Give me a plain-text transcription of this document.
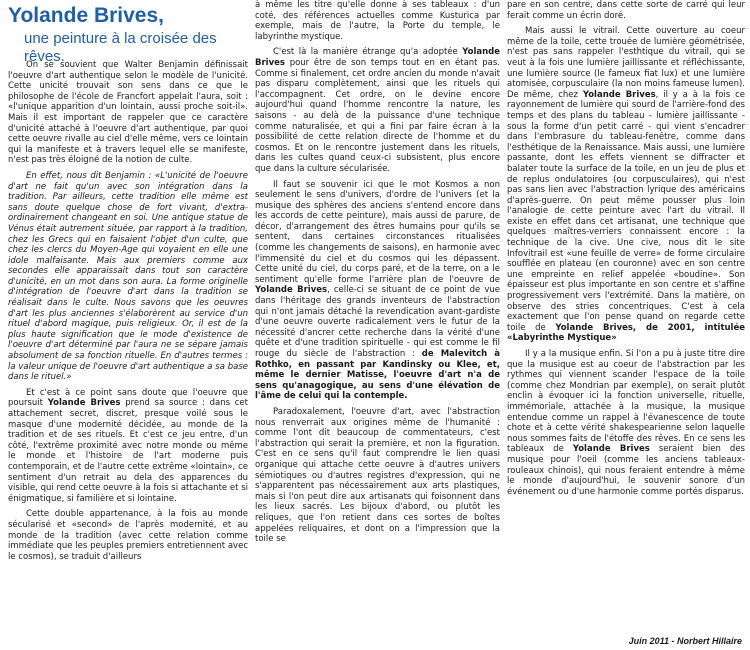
Yolande Brives,
une peinture à la croisée des rêves.

On se souvient que Walter Benjamin définissait l'oeuvre d'art authentique selon le modèle de l'unicité. Cette unicité trouvait son sens dans ce que le philosophe de l'école de Francfort appelait l'aura, soit : «l'unique apparition d'un lointain, aussi proche soit-il». Mais il est important de rappeler que ce caractère d'unicité attaché à l'oeuvre d'art authentique, par quoi cette oeuvre rivalle au ciel d'elle même, vers ce lointain qui la manifeste et à travers lequel elle se manifeste, n'est pas très éloigné de la notion de culte.

En effet, nous dit Benjamin : «L'unicité de l'oeuvre d'art ne fait qu'un avec son intégration dans la tradition. Par ailleurs, cette tradition elle même est sans doute quelque chose de fort vivant, d'extra-ordinairement changeant en soi. Une antique statue de Vénus était autrement située, par rapport à la tradition, chez les Grecs qui en faisaient l'objet d'un culte, que chez les clercs du Moyen-Age qui voyaient en elle une idole malfaisante. Mais aux premiers comme aux secondes elle apparaissait dans tout son caractère d'unicité, en un mot dans son aura. La forme originelle d'intégration de l'oeuvre d'art dans la tradition se réalisait dans le culte. Nous savons que les oeuvres d'art les plus anciennes s'élaborèrent au service d'un rituel d'abord magique, puis religieux. Or, il est de la plus haute signification que le mode d'existence de l'oeuvre d'art déterminé par l'aura ne se sépare jamais absolument de sa fonction rituelle. En d'autres termes : la valeur unique de l'oeuvre d'art authentique a sa base dans le rituel.»

Et c'est à ce point sans doute que l'oeuvre que poursuit Yolande Brives prend sa source : dans cet attachement secret, discret, presque voilé sous le masque d'une modernité décidée, au monde de la tradition et de ses rituels. Et c'est ce jeu entre, d'un côté, l'extrême proximité avec notre monde ou même le monde et l'histoire de l'art moderne puis contemporain, et de l'autre cette extrême «lointain», ce sentiment d'un retrait au dela des apparences du visible, qui rend cette oeuvre à la fois si attachante et si énigmatique, si familière et si lointaine.

Cette double appartenance, à la fois au monde sécularisé et «second» de l'après modernité, et au monde de la tradition (avec cette relation comme immédiate que les peuples premiers entretiennent avec le cosmos), se traduit d'ailleurs

à même les titre qu'elle donne à ses tableaux : d'un coté, des références actuelles comme Kusturica par exemple, mais de l'autre, la Porte du temple, le labyrinthe mystique.

C'est là la manière étrange qu'a adoptée Yolande Brives pour être de son temps tout en en étant pas. Comme si finalement, cet ordre ancien du monde n'avait pas disparu complètement, ainsi que les rituels qui l'accompagnent. Cet ordre, on le devine encore aujourd'hui quand l'homme rencontre la nature, les saisons - au delà de la puissance d'une technique comme naturalisée, et qui a fini par faire écran à la possibilité de cette relation directe de l'homme et du cosmos. Et on le rencontre justement dans les rituels, dans les cultes quand ceux-ci subsistent, plus encore que dans la culture sécularisée.

Il faut se souvenir ici que le mot Kosmos a non seulement le sens d'univers, d'ordre de l'univers (et la musique des sphères des anciens s'entend encore dans les accords de cette peinture), mais aussi de parure, de décor, d'arrangement des êtres humains pour qu'ils se sentent, dans certaines circonstances ritualisées (comme les changements de saisons), en harmonie avec l'immensité du ciel et du cosmos qui les dépassent. Cette unité du ciel, du corps paré, et de la terre, on a le sentiment qu'elle forme l'arrière plan de l'oeuvre de Yolande Brives, celle-ci se situant de ce point de vue dans l'héritage des grands inventeurs de l'abstraction qui n'ont jamais détaché la revendication avant-gardiste d'une oeuvre ouverte radicalement vers le futur de la nécessité d'ancrer cette recherche dans la vérité d'une quête et d'une tradition spirituelle - qui est comme le fil rouge du siècle de l'abstraction : de Malevitch à Rothko, en passant par Kandinsky ou Klee, et, même le dernier Matisse, l'oeuvre d'art n'a de sens qu'anagogique, au sens d'une élévation de l'âme de celui qui la contemple.

Paradoxalement, l'oeuvre d'art, avec l'abstraction nous renverrait aux origines même de l'humanité : comme l'ont dit beaucoup de commentateurs, c'est l'abstraction qui serait la première, et non la figuration. C'est en ce sens qu'il faut comprendre le lien quasi organique qui attache cette oeuvre à d'autres univers sémiotiques ou d'autres registres d'expression, qui ne s'apparentent pas nécessairement aux arts plastiques, mais si l'on peut dire aux artisanats qui foisonnent dans les lieux sacrés. Les bijoux d'abord, ou plutôt les reliques, que l'on retient dans ces sortes de boîtes appelées reliquaires, et dont on a l'impression que la toile se

pare en son centre, dans cette sorte de carré qui leur ferait comme un écrin doré.

Mais aussi le vitrail. Cette ouverture au coeur même de la toile, cette trouée de lumière géométrisée, n'est pas sans rappeler l'esthtique du vitrail, qui se veut à la fois une lumière jaillissante et réfléchissante, une lumière source (le fameux fiat lux) et une lumière atomisée, corpusculaire (la non moins fameuse lumen). De même, chez Yolande Brives, il y a à la fois ce rayonnement de lumière qui sourd de l'arrière-fond des temps et des plans du tableau - lumière jaillissante - sous la forme d'un petit carré - qui vient s'encadrer dans l'embrasure du tableau-fenêtre, comme dans l'esthétique de la Renaissance. Mais aussi, une lumière passante, dont les effets viennent se diffracter et balater toute la surface de la toile, en un jeu de plus et de replus ondulatoires (ou corpusculaires), qui n'est pas sans lien avec l'abstraction lyrique des américains d'après-guerre. On peut même pousser plus loin l'analogie de cette peinture avec l'art du vitrail. Il existe en effet dans cet artisanat, une technique que quelques maîtres-verriers connaissent encore : la technique de la cive. Une cive, nous dit le site Infovitrail est «une feuille de verre» de forme circulaire soufflée en plateau (en couronne) avec en son centre une empreinte en relief appelée «boudine». Son épaisseur est plus importante en son centre et s'affine progressivement vers l'extrémité. Dans la matière, on observe des stries concentriques. C'est à cela exactement que l'on pense quand on regarde cette toile de Yolande Brives, de 2001, intitulée «Labyrinthe Mystique»

Il y a la musique enfin. Si l'on a pu à juste titre dire que la musique est au coeur de l'abstraction par les rythmes qui viennent scander l'espace de la toile (comme chez Mondrian par exemple), on serait plutôt enclin à évoquer ici la fonction universelle, rituelle, immémoriale, attachée à la musique, la musique entendue comme un rappel à l'évanescence de toute chote et à cette vérité shakespearienne selon laquelle nous sommes faits de l'étoffe des rêves. En ce sens les tableaux de Yolande Brives seraient bien des musique pour l'oeil (comme les anciens tableaux-rouleaux chinois), qui nous feraient entendre à même le monde d'aujourd'hui, le souvenir sonore d'un événement ou d'une harmonie comme portés disparus.

Juin 2011 - Norbert Hillaire
